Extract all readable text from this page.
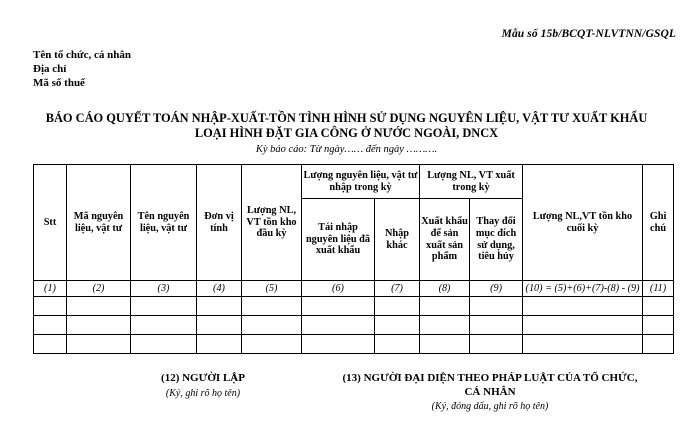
Mẫu số 15b/BCQT-NLVTNN/GSQL
Tên tổ chức, cá nhân
Địa chỉ
Mã số thuế
BÁO CÁO QUYẾT TOÁN NHẬP-XUẤT-TỒN TÌNH HÌNH SỬ DỤNG NGUYÊN LIỆU, VẬT TƯ XUẤT KHẨU
LOẠI HÌNH ĐẶT GIA CÔNG Ở NƯỚC NGOÀI, DNCX
Kỳ báo cáo: Từ ngày…… đến ngày ……….
Stt	Mã nguyên liệu, vật tư	Tên nguyên liệu, vật tư	Đơn vị tính	Lượng NL, VT tồn kho đầu kỳ	Lượng nguyên liệu, vật tư nhập trong kỳ		Lượng NL, VT xuất trong kỳ		Lượng NL,VT tồn kho cuối kỳ	Ghi chú
					Tái nhập nguyên liệu đã xuất khẩu	Nhập khác	Xuất khẩu để sản xuất sản phẩm	Thay đổi mục đích sử dụng, tiêu hủy		
(1)	(2)	(3)	(4)	(5)	(6)	(7)	(8)	(9)	(10) = (5)+(6)+(7)-(8) - (9)	(11)

(12) NGƯỜI LẬP
(Ký, ghi rõ họ tên)
(13) NGƯỜI ĐẠI DIỆN THEO PHÁP LUẬT CỦA TỔ CHỨC, CÁ NHÂN
(Ký, đóng dấu, ghi rõ họ tên)
